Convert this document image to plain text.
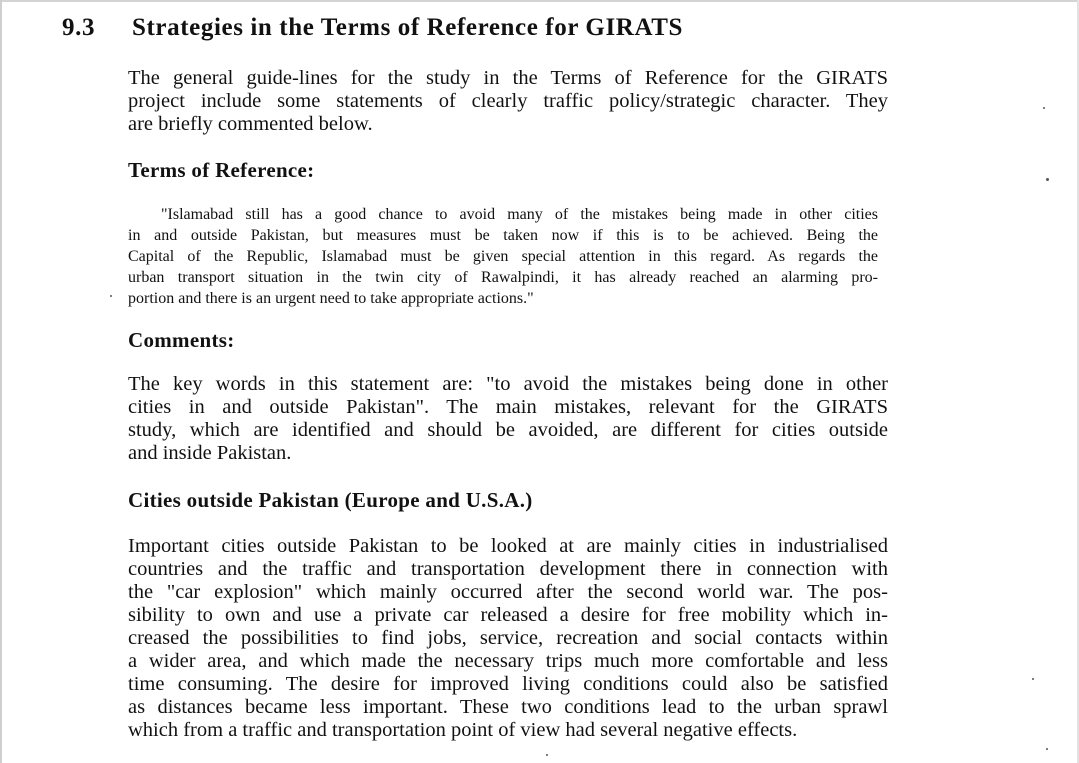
9.3 Strategies in the Terms of Reference for GIRATS
The general guide-lines for the study in the Terms of Reference for the GIRATS
project include some statements of clearly traffic policy/strategic character. They
are briefly commented below.
Terms of Reference:
"Islamabad still has a good chance to avoid many of the mistakes being made in other cities
in and outside Pakistan, but measures must be taken now if this is to be achieved. Being the
Capital of the Republic, Islamabad must be given special attention in this regard. As regards the
urban transport situation in the twin city of Rawalpindi, it has already reached an alarming pro-
portion and there is an urgent need to take appropriate actions."
Comments:
The key words in this statement are: "to avoid the mistakes being done in other
cities in and outside Pakistan". The main mistakes, relevant for the GIRATS
study, which are identified and should be avoided, are different for cities outside
and inside Pakistan.
Cities outside Pakistan (Europe and U.S.A.)
Important cities outside Pakistan to be looked at are mainly cities in industrialised
countries and the traffic and transportation development there in connection with
the "car explosion" which mainly occurred after the second world war. The pos-
sibility to own and use a private car released a desire for free mobility which in-
creased the possibilities to find jobs, service, recreation and social contacts within
a wider area, and which made the necessary trips much more comfortable and less
time consuming. The desire for improved living conditions could also be satisfied
as distances became less important. These two conditions lead to the urban sprawl
which from a traffic and transportation point of view had several negative effects.
